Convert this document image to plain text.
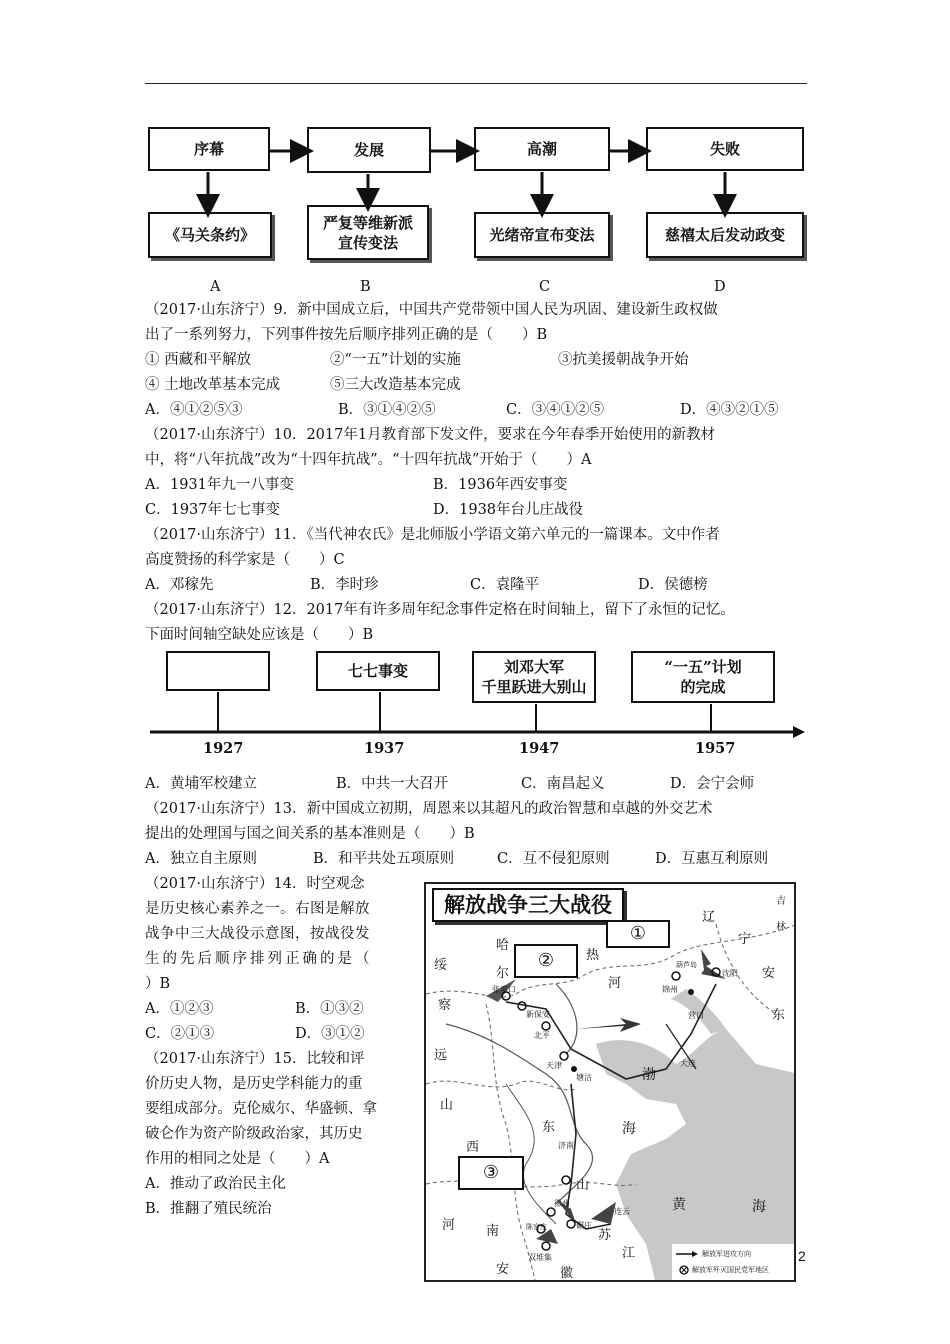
序幕	发展	高潮	失败
《马关条约》
严复等维新派
宣传变法	光绪帝宣布变法	慈禧太后发动政变
A	B	C	D
（2017·山东济宁）9．新中国成立后，中国共产党带领中国人民为巩固、建设新生政权做
出了一系列努力，下列事件按先后顺序排列正确的是（　　）B
① 西藏和平解放	②“一五”计划的实施	③抗美援朝战争开始
④ 土地改革基本完成	⑤三大改造基本完成
A．④①②⑤③	B．③①④②⑤	C．③④①②⑤	D．④③②①⑤
（2017·山东济宁）10．2017年1月教育部下发文件，要求在今年春季开始使用的新教材
中，将“八年抗战”改为“十四年抗战”。“十四年抗战”开始于（　　）A
A．1931年九一八事变	B．1936年西安事变
C．1937年七七事变	D．1938年台儿庄战役
（2017·山东济宁）11．《当代神农氏》是北师版小学语文第六单元的一篇课本。文中作者
高度赞扬的科学家是（　　）C
A．邓稼先	B．李时珍	C．袁隆平	D．侯德榜
（2017·山东济宁）12．2017年有许多周年纪念事件定格在时间轴上，留下了永恒的记忆。
下面时间轴空缺处应该是（　　）B
七七事变	刘邓大军
千里跃进大别山
“一五”计划
的完成
1927	1937	1947	1957
A．黄埔军校建立	B．中共一大召开	C．南昌起义	D．会宁会师
（2017·山东济宁）13．新中国成立初期，周恩来以其超凡的政治智慧和卓越的外交艺术
提出的处理国与国之间关系的基本准则是（　　）B
A．独立自主原则	B．和平共处五项原则	C．互不侵犯原则	D．互惠互利原则
（2017·山东济宁）14．时空观念
是历史核心素养之一。右图是解放
战争中三大战役示意图，按战役发
生的先后顺序排列正确的是（
）B
A．①②③	B．①③②
C．②①③	D．③①②
（2017·山东济宁）15．比较和评
价历史人物，是历史学科能力的重
要组成部分。克伦威尔、华盛顿、拿
破仑作为资产阶级政治家，其历史
作用的相同之处是（　　）A
A．推动了政治民主化
B．推翻了殖民统治
解放战争三大战役
①
②
③
张家口
新保安
北平
天津
塘沽
锦州
营口
沈阳
葫芦岛
大连
济南
徐州
碾庄
陈官庄
双堆集
连云
渤
海
黄	海
绥
远
察
哈
尔
热
河
辽
宁
吉
林
安
东
山
西
山
东
河 南	苏
安	徽
江	解放军进攻方向
解放军歼灭国民党军地区
2
